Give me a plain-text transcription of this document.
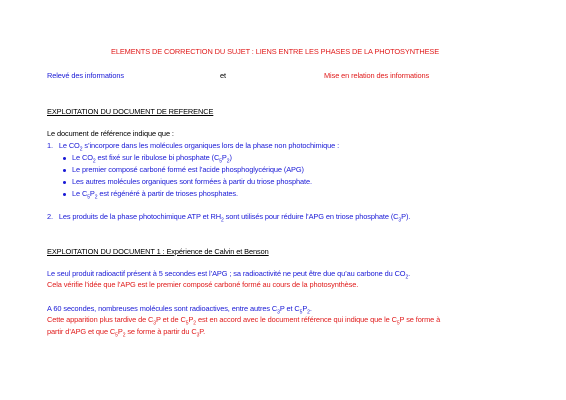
ELEMENTS DE CORRECTION DU SUJET : LIENS ENTRE LES PHASES DE LA PHOTOSYNTHESE
Relevé des informations	et	Mise en relation des informations
EXPLOITATION DU DOCUMENT DE REFERENCE
Le document de référence indique que :
1. Le $CO_2$ s’incorpore dans les molécules organiques lors de la phase non photochimique :
Le $CO_2$ est fixé sur le ribulose bi phosphate $(C_5P_2)$
Le premier composé carboné formé est l’acide phosphoglycérique (APG)
Les autres molécules organiques sont formées à partir du triose phosphate.
Le $C_5P_2$ est régénéré à partir de trioses phosphates.
2. Les produits de la phase photochimique ATP et $RH_2$ sont utilisés pour réduire l’APG en triose phosphate $(C_3P)$.
EXPLOITATION DU DOCUMENT 1 : Expérience de Calvin et Benson
Le seul produit radioactif présent à 5 secondes est l’APG ; sa radioactivité ne peut être due qu’au carbone du $CO_2$.
Cela vérifie l’idée que l’APG est le premier composé carboné formé au cours de la photosynthèse.
A 60 secondes, nombreuses molécules sont radioactives, entre autres $C_3P$ et $C_5P_2$.
Cette apparition plus tardive de $C_3P$ et de $C_5P_2$ est en accord avec le document référence qui indique que le $C_5P$ se forme à
partir d’APG et que $C_5P_2$ se forme à partir du $C_3P$.
